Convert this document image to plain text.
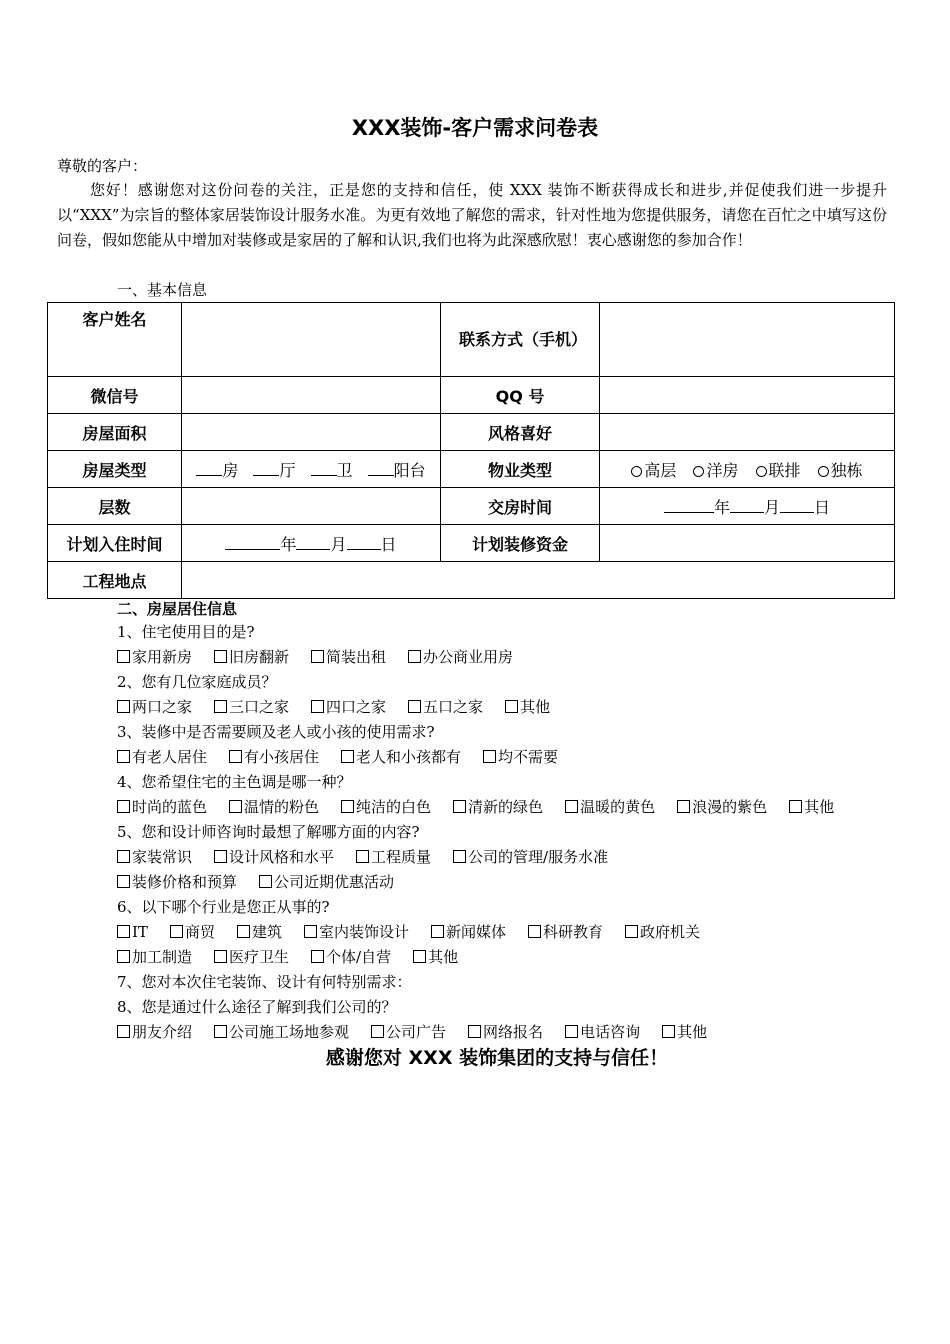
XXX装饰-客户需求问卷表
尊敬的客户：
您好！感谢您对这份问卷的关注，正是您的支持和信任，使 XXX 装饰不断获得成长和进步,并促使我们进一步提升以“XXX”为宗旨的整体家居装饰设计服务水准。为更有效地了解您的需求，针对性地为您提供服务，请您在百忙之中填写这份问卷，假如您能从中增加对装修或是家居的了解和认识,我们也将为此深感欣慰！衷心感谢您的参加合作！
一、基本信息
客户姓名		联系方式（手机）	
微信号		QQ 号	
房屋面积		风格喜好	
房屋类型	房 厅 卫 阳台	物业类型	高层 洋房 联排 独栋
层数		交房时间	年 月 日
计划入住时间	年 月 日	计划装修资金	
工程地点			
二、房屋居住信息
1、住宅使用目的是?
家用新房 旧房翻新 简装出租 办公商业用房
2、您有几位家庭成员？
两口之家 三口之家 四口之家 五口之家 其他
3、装修中是否需要顾及老人或小孩的使用需求?
有老人居住 有小孩居住 老人和小孩都有 均不需要
4、您希望住宅的主色调是哪一种？
时尚的蓝色 温情的粉色 纯洁的白色 清新的绿色 温暖的黄色 浪漫的紫色 其他
5、您和设计师咨询时最想了解哪方面的内容?
家装常识 设计风格和水平 工程质量 公司的管理/服务水准
装修价格和预算 公司近期优惠活动
6、以下哪个行业是您正从事的?
IT 商贸 建筑 室内装饰设计 新闻媒体 科研教育 政府机关
加工制造 医疗卫生 个体/自营 其他
7、您对本次住宅装饰、设计有何特别需求：
8、您是通过什么途径了解到我们公司的？
朋友介绍 公司施工场地参观 公司广告 网络报名 电话咨询 其他
感谢您对 XXX 装饰集团的支持与信任！
